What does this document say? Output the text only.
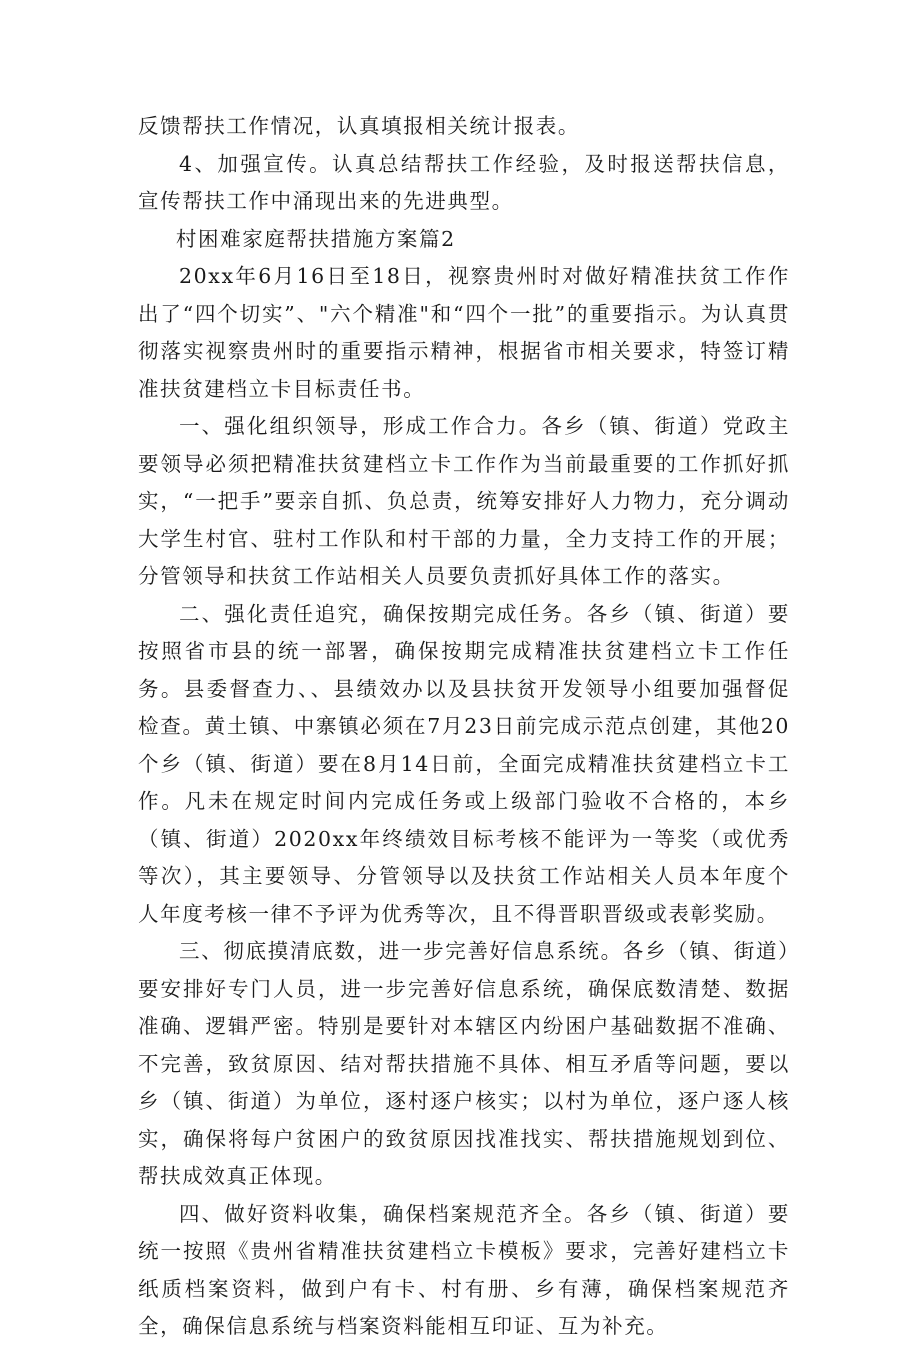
反馈帮扶工作情况，认真填报相关统计报表。

4、加强宣传。认真总结帮扶工作经验，及时报送帮扶信息，宣传帮扶工作中涌现出来的先进典型。

村困难家庭帮扶措施方案篇2

20xx年6月16日至18日，视察贵州时对做好精准扶贫工作作出了“四个切实”、"六个精准"和“四个一批”的重要指示。为认真贯彻落实视察贵州时的重要指示精神，根据省市相关要求，特签订精准扶贫建档立卡目标责任书。

一、强化组织领导，形成工作合力。各乡（镇、街道）党政主要领导必须把精准扶贫建档立卡工作作为当前最重要的工作抓好抓实，“一把手”要亲自抓、负总责，统筹安排好人力物力，充分调动大学生村官、驻村工作队和村干部的力量，全力支持工作的开展；分管领导和扶贫工作站相关人员要负责抓好具体工作的落实。

二、强化责任追究，确保按期完成任务。各乡（镇、街道）要按照省市县的统一部署，确保按期完成精准扶贫建档立卡工作任务。县委督查力、、县绩效办以及县扶贫开发领导小组要加强督促检查。黄土镇、中寨镇必须在7月23日前完成示范点创建，其他20个乡（镇、街道）要在8月14日前，全面完成精准扶贫建档立卡工作。凡未在规定时间内完成任务或上级部门验收不合格的，本乡（镇、街道）2020xx年终绩效目标考核不能评为一等奖（或优秀等次），其主要领导、分管领导以及扶贫工作站相关人员本年度个人年度考核一律不予评为优秀等次，且不得晋职晋级或表彰奖励。

三、彻底摸清底数，进一步完善好信息系统。各乡（镇、街道）要安排好专门人员，进一步完善好信息系统，确保底数清楚、数据准确、逻辑严密。特别是要针对本辖区内纷困户基础数据不准确、不完善，致贫原因、结对帮扶措施不具体、相互矛盾等问题，要以乡（镇、街道）为单位，逐村逐户核实；以村为单位，逐户逐人核实，确保将每户贫困户的致贫原因找准找实、帮扶措施规划到位、帮扶成效真正体现。

四、做好资料收集，确保档案规范齐全。各乡（镇、街道）要统一按照《贵州省精准扶贫建档立卡模板》要求，完善好建档立卡纸质档案资料，做到户有卡、村有册、乡有薄，确保档案规范齐全，确保信息系统与档案资料能相互印证、互为补充。
